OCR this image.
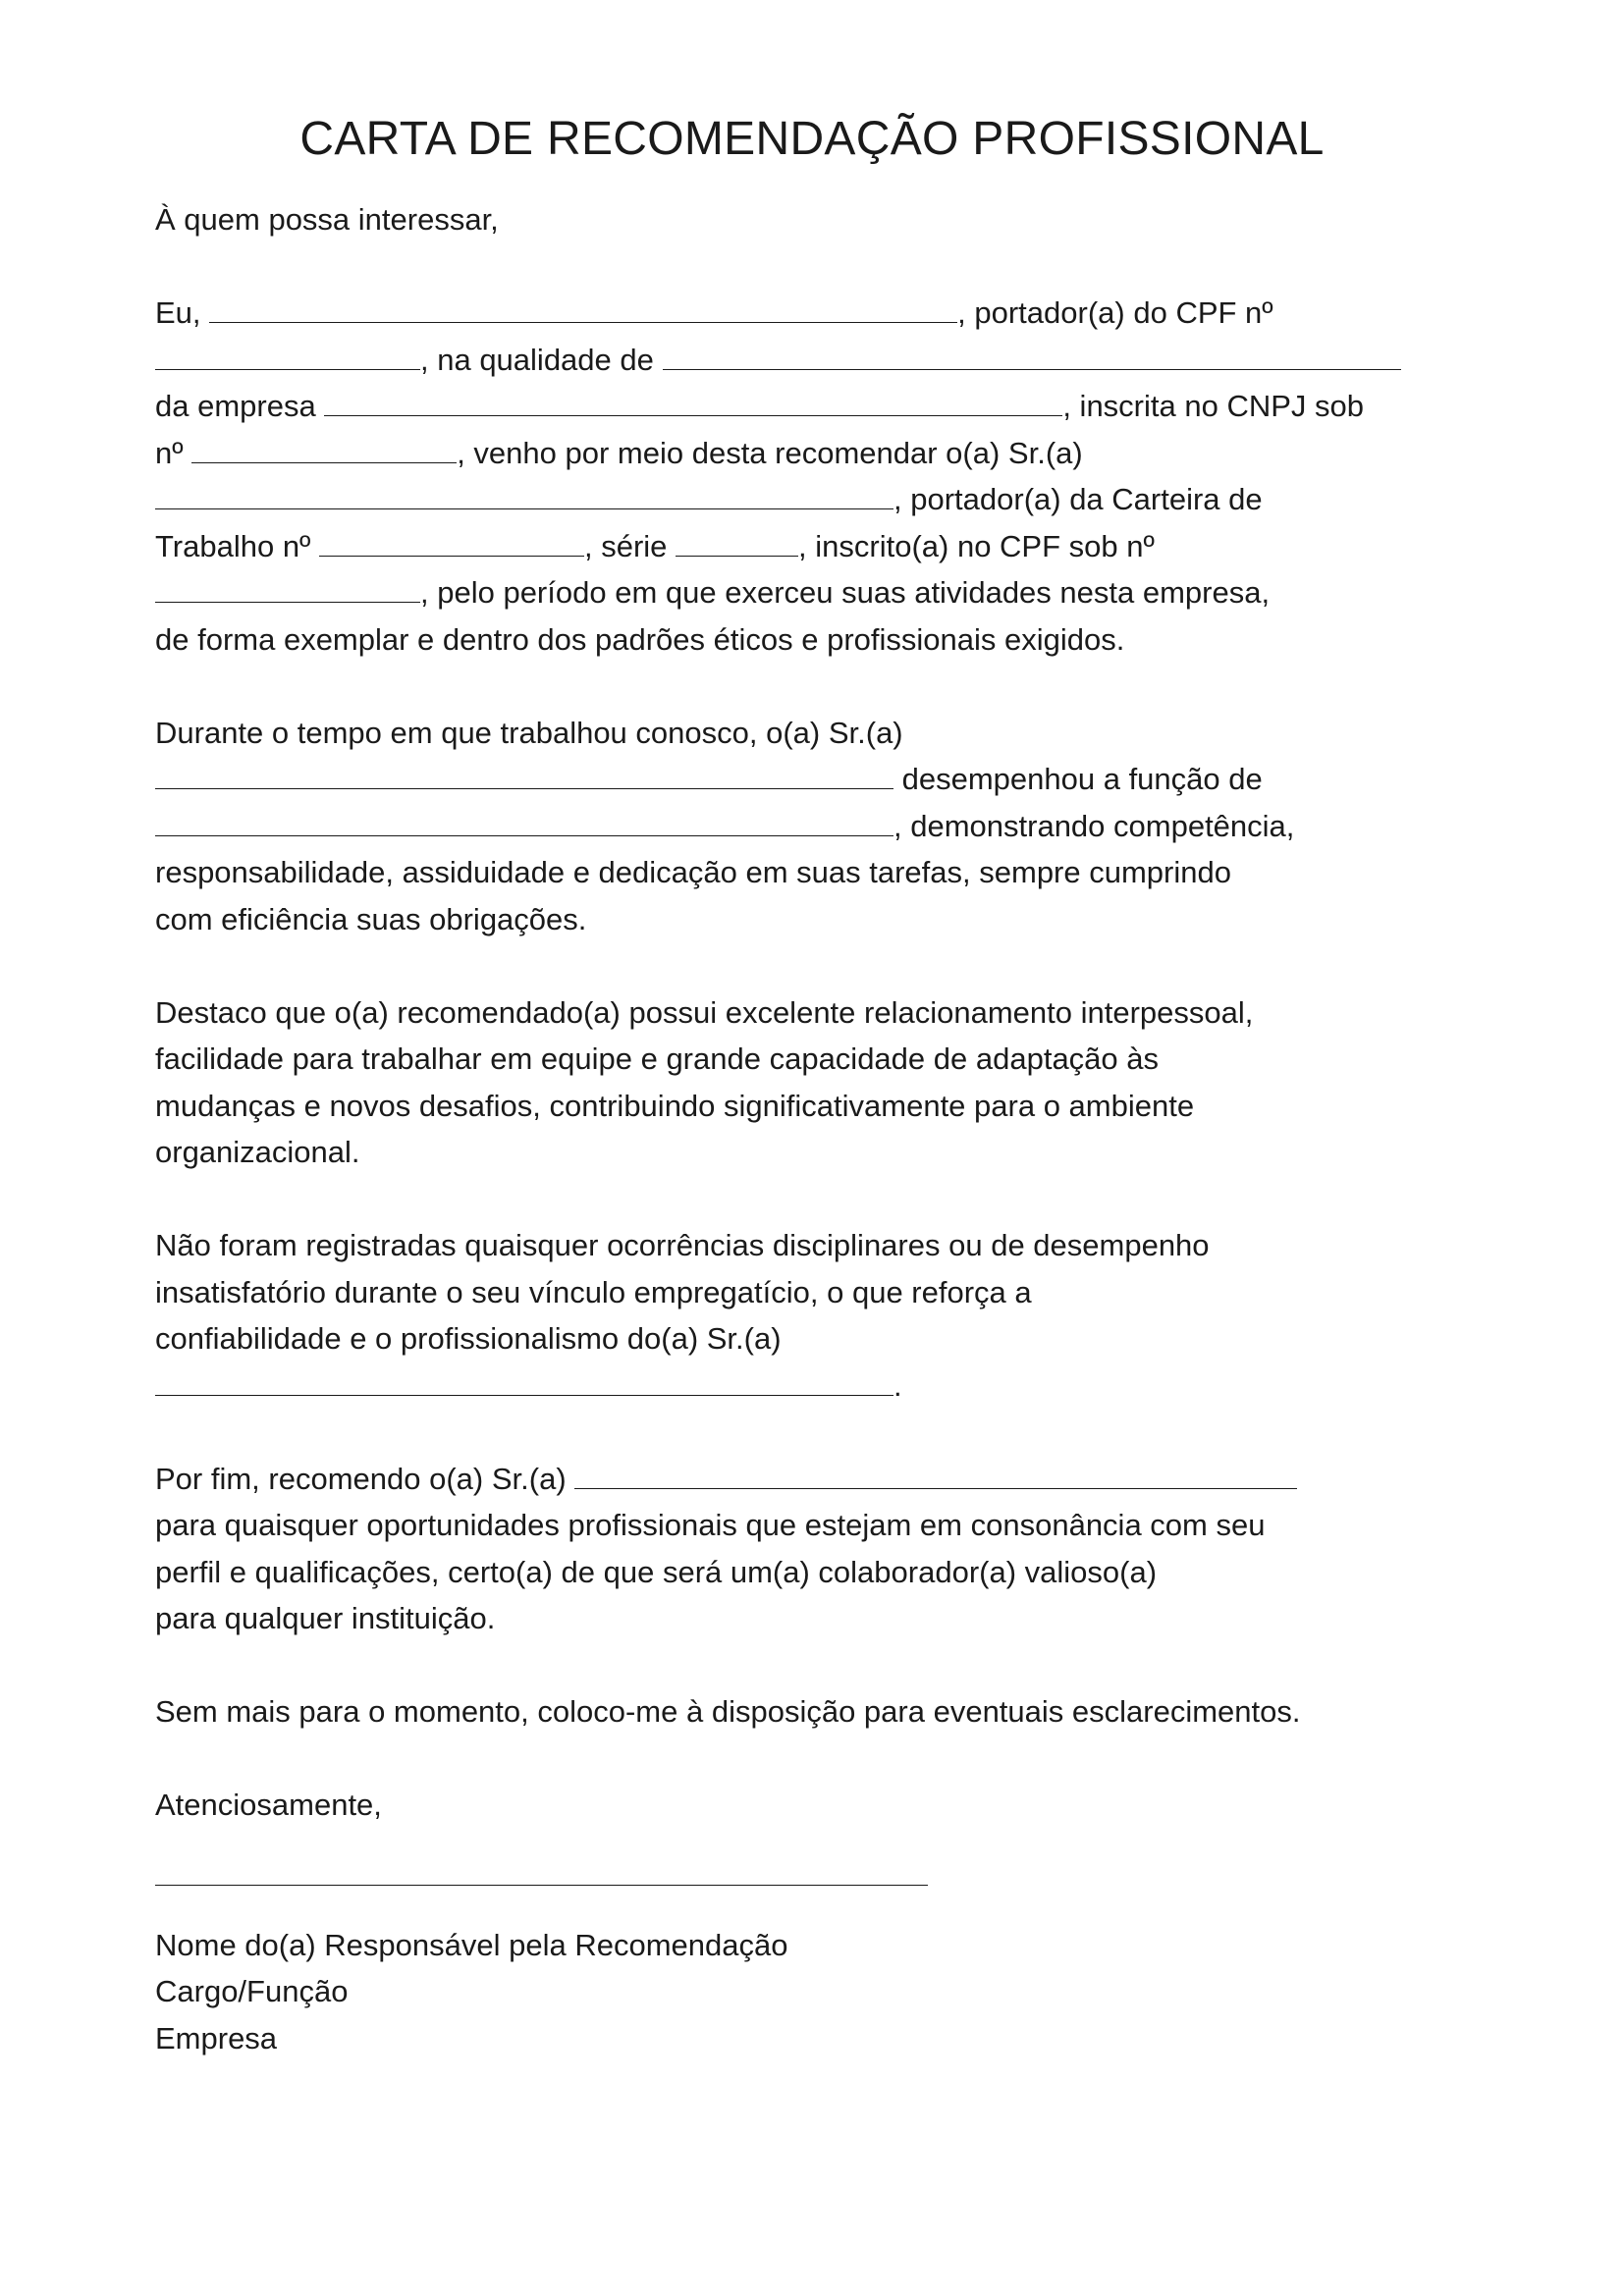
CARTA DE RECOMENDAÇÃO PROFISSIONAL
À quem possa interessar,
Eu,	, portador(a) do CPF nº
, na qualidade de
da empresa	, inscrita no CNPJ sob
nº	, venho por meio desta recomendar o(a) Sr.(a)
, portador(a) da Carteira de
Trabalho nº	, série	, inscrito(a) no CPF sob nº
, pelo período em que exerceu suas atividades nesta empresa,
de forma exemplar e dentro dos padrões éticos e profissionais exigidos.
Durante o tempo em que trabalhou conosco, o(a) Sr.(a)
desempenhou a função de
, demonstrando competência,
responsabilidade, assiduidade e dedicação em suas tarefas, sempre cumprindo
com eficiência suas obrigações.
Destaco que o(a) recomendado(a) possui excelente relacionamento interpessoal,
facilidade para trabalhar em equipe e grande capacidade de adaptação às
mudanças e novos desafios, contribuindo significativamente para o ambiente
organizacional.
Não foram registradas quaisquer ocorrências disciplinares ou de desempenho
insatisfatório durante o seu vínculo empregatício, o que reforça a
confiabilidade e o profissionalismo do(a) Sr.(a)
.
Por fim, recomendo o(a) Sr.(a)
para quaisquer oportunidades profissionais que estejam em consonância com seu
perfil e qualificações, certo(a) de que será um(a) colaborador(a) valioso(a)
para qualquer instituição.
Sem mais para o momento, coloco-me à disposição para eventuais esclarecimentos.
Atenciosamente,
Nome do(a) Responsável pela Recomendação
Cargo/Função
Empresa
